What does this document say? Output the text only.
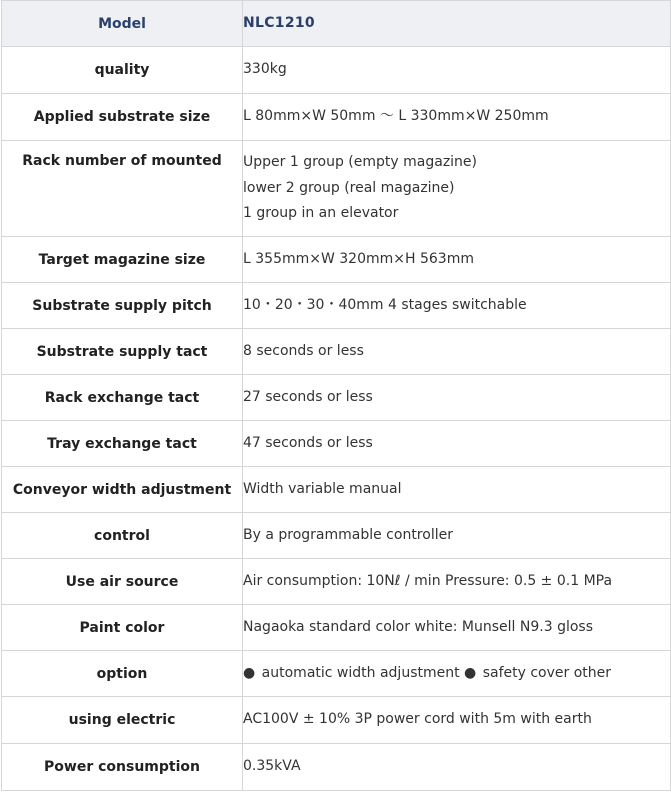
Model	NLC1210
quality	330kg
Applied substrate size	L 80mm×W 50mm ～ L 330mm×W 250mm

Rack number of mounted	Upper 1 group (empty magazine)
lower 2 group (real magazine)
1 group in an elevator

Target magazine size	L 355mm×W 320mm×H 563mm
Substrate supply pitch	10・20・30・40mm 4 stages switchable
Substrate supply tact	8 seconds or less
Rack exchange tact	27 seconds or less
Tray exchange tact	47 seconds or less
Conveyor width adjustment	Width variable manual
control	By a programmable controller
Use air source	Air consumption: 10Nℓ / min Pressure: 0.5 ± 0.1 MPa
Paint color	Nagaoka standard color white: Munsell N9.3 gloss
option	● automatic width adjustment ● safety cover other
using electric	AC100V ± 10% 3P power cord with 5m with earth
Power consumption	0.35kVA
